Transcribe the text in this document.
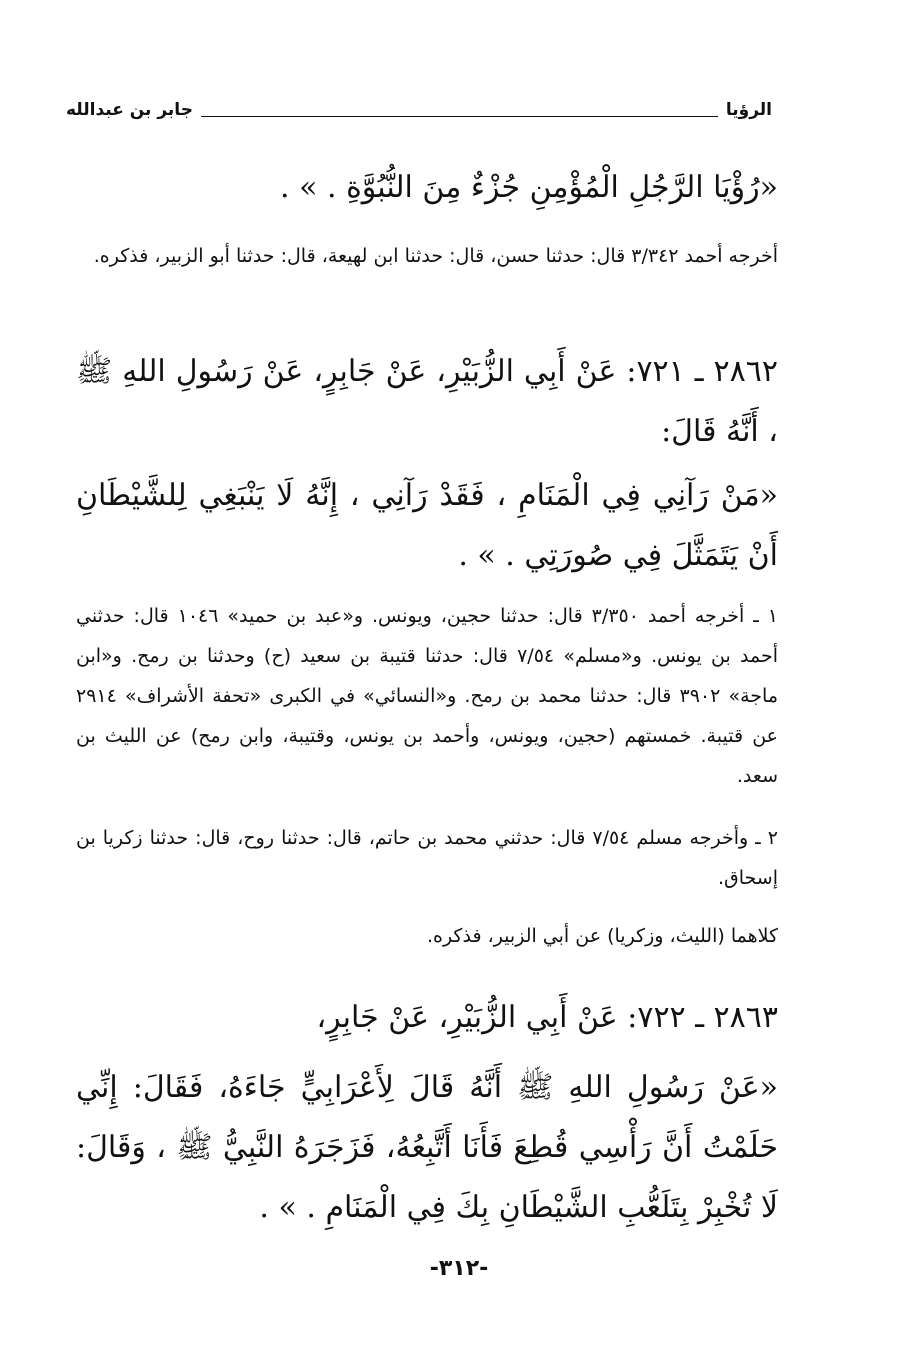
الرؤيا
جابر بن عبدالله

«رُؤْيَا الرَّجُلِ الْمُؤْمِنِ جُزْءٌ مِنَ النُّبُوَّةِ . » .

أخرجه أحمد ٣/٣٤٢ قال: حدثنا حسن، قال: حدثنا ابن لهيعة، قال: حدثنا أبو الزبير، فذكره.

٢٨٦٢ ـ ٧٢١: عَنْ أَبِي الزُّبَيْرِ، عَنْ جَابِرٍ، عَنْ رَسُولِ اللهِ ﷺ ، أَنَّهُ قَالَ:

«مَنْ رَآنِي فِي الْمَنَامِ ، فَقَدْ رَآنِي ، إِنَّهُ لَا يَنْبَغِي لِلشَّيْطَانِ أَنْ يَتَمَثَّلَ فِي صُورَتِي . » .

١ ـ أخرجه أحمد ٣/٣٥٠ قال: حدثنا حجين، ويونس. و«عبد بن حميد» ١٠٤٦ قال: حدثني أحمد بن يونس. و«مسلم» ٧/٥٤ قال: حدثنا قتيبة بن سعيد (ح) وحدثنا بن رمح. و«ابن ماجة» ٣٩٠٢ قال: حدثنا محمد بن رمح. و«النسائي» في الكبرى «تحفة الأشراف» ٢٩١٤ عن قتيبة. خمستهم (حجين، ويونس، وأحمد بن يونس، وقتيبة، وابن رمح) عن الليث بن سعد.

٢ ـ وأخرجه مسلم ٧/٥٤ قال: حدثني محمد بن حاتم، قال: حدثنا روح، قال: حدثنا زكريا بن إسحاق.

كلاهما (الليث، وزكريا) عن أبي الزبير، فذكره.

٢٨٦٣ ـ ٧٢٢: عَنْ أَبِي الزُّبَيْرِ، عَنْ جَابِرٍ،

«عَنْ رَسُولِ اللهِ ﷺ أَنَّهُ قَالَ لِأَعْرَابِيٍّ جَاءَهُ، فَقَالَ: إِنِّي حَلَمْتُ أَنَّ رَأْسِي قُطِعَ فَأَنَا أَتَّبِعُهُ، فَزَجَرَهُ النَّبِيُّ ﷺ ، وَقَالَ: لَا تُخْبِرْ بِتَلَعُّبِ الشَّيْطَانِ بِكَ فِي الْمَنَامِ . » .

-٣١٢-
